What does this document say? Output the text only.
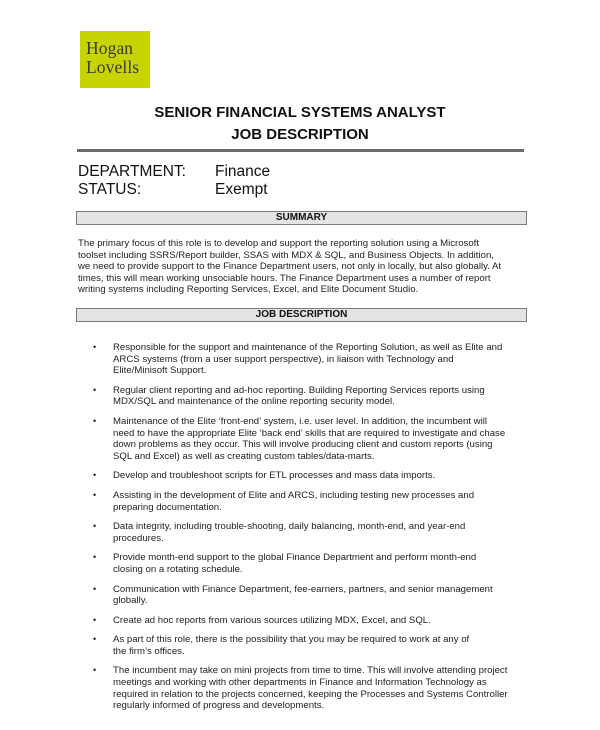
Hogan
Lovells
SENIOR FINANCIAL SYSTEMS ANALYST
JOB DESCRIPTION
DEPARTMENT: Finance
STATUS:	Exempt
SUMMARY

The primary focus of this role is to develop and support the reporting solution using a Microsoft
toolset including SSRS/Report builder, SSAS with MDX & SQL, and Business Objects. In addition,
we need to provide support to the Finance Department users, not only in locally, but also globally. At
times, this will mean working unsociable hours. The Finance Department uses a number of report
writing systems including Reporting Services, Excel, and Elite Document Studio.

JOB DESCRIPTION
• Responsible for the support and maintenance of the Reporting Solution, as well as Elite and
ARCS systems (from a user support perspective), in liaison with Technology and
Elite/Minisoft Support.
• Regular client reporting and ad-hoc reporting. Building Reporting Services reports using
MDX/SQL and maintenance of the online reporting security model.
• Maintenance of the Elite ‘front-end’ system, i.e. user level. In addition, the incumbent will
need to have the appropriate Elite ‘back end’ skills that are required to investigate and chase
down problems as they occur. This will involve producing client and custom reports (using
SQL and Excel) as well as creating custom tables/data-marts.
• Develop and troubleshoot scripts for ETL processes and mass data imports.
• Assisting in the development of Elite and ARCS, including testing new processes and
preparing documentation.
• Data integrity, including trouble-shooting, daily balancing, month-end, and year-end
procedures.
• Provide month-end support to the global Finance Department and perform month-end
closing on a rotating schedule.
• Communication with Finance Department, fee-earners, partners, and senior management
globally.
• Create ad hoc reports from various sources utilizing MDX, Excel, and SQL.
• As part of this role, there is the possibility that you may be required to work at any of
the firm’s offices.
• The incumbent may take on mini projects from time to time. This will involve attending project
meetings and working with other departments in Finance and Information Technology as
required in relation to the projects concerned, keeping the Processes and Systems Controller
regularly informed of progress and developments.
